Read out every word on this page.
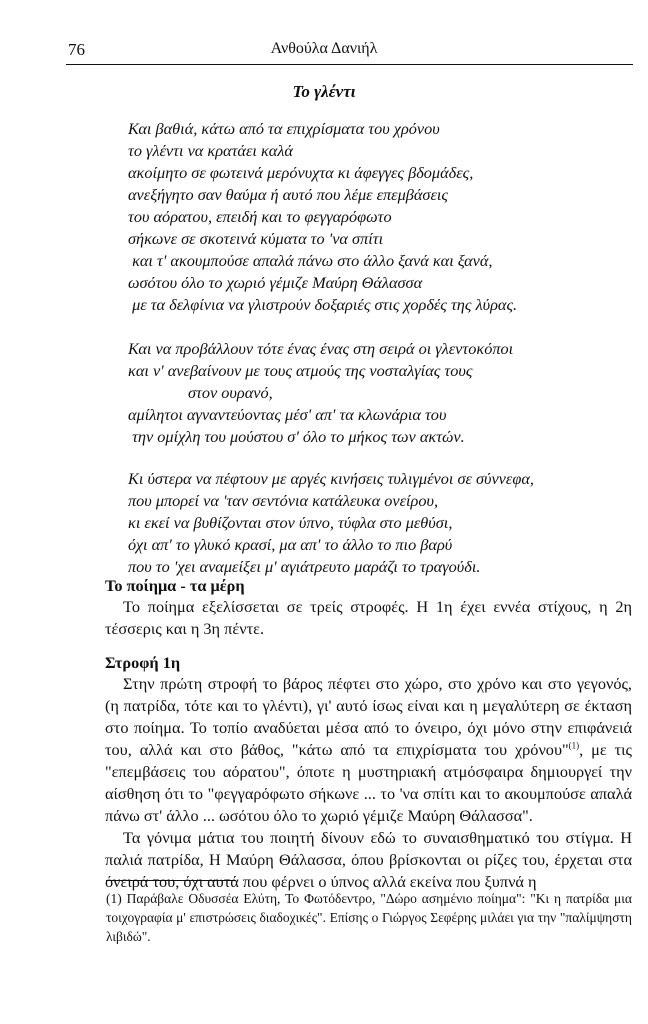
76	Ανθούλα Δανιήλ
Το γλέντι
Και βαθιά, κάτω από τα επιχρίσματα του χρόνου
το γλέντι να κρατάει καλά
ακοίμητο σε φωτεινά μερόνυχτα κι άφεγγες βδομάδες,
ανεξήγητο σαν θαύμα ή αυτό που λέμε επεμβάσεις
του αόρατου, επειδή και το φεγγαρόφωτο
σήκωνε σε σκοτεινά κύματα το 'να σπίτι
και τ' ακουμπούσε απαλά πάνω στο άλλο ξανά και ξανά,
ωσότου όλο το χωριό γέμιζε Μαύρη Θάλασσα
με τα δελφίνια να γλιστρούν δοξαριές στις χορδές της λύρας.
Και να προβάλλουν τότε ένας ένας στη σειρά οι γλεντοκόποι
και ν' ανεβαίνουν με τους ατμούς της νοσταλγίας τους
στον ουρανό,
αμίλητοι αγναντεύοντας μέσ' απ' τα κλωνάρια του
την ομίχλη του μούστου σ' όλο το μήκος των ακτών.
Κι ύστερα να πέφτουν με αργές κινήσεις τυλιγμένοι σε σύννεφα,
που μπορεί να 'ταν σεντόνια κατάλευκα ονείρου,
κι εκεί να βυθίζονται στον ύπνο, τύφλα στο μεθύσι,
όχι απ' το γλυκό κρασί, μα απ' το άλλο το πιο βαρύ
που το 'χει αναμείξει μ' αγιάτρευτο μαράζι το τραγούδι.
Το ποίημα - τα μέρη

Το ποίημα εξελίσσεται σε τρείς στροφές. Η 1η έχει εννέα στίχους, η 2η τέσσερις και η 3η πέντε.

Στροφή 1η

Στην πρώτη στροφή το βάρος πέφτει στο χώρο, στο χρόνο και στο γεγονός, (η πατρίδα, τότε και το γλέντι), γι' αυτό ίσως είναι και η μεγαλύτερη σε έκταση στο ποίημα. Το τοπίο αναδύεται μέσα από το όνειρο, όχι μόνο στην επιφάνειά του, αλλά και στο βάθος, "κάτω από τα επιχρίσματα του χρόνου"$^{(1)}$, με τις "επεμβάσεις του αόρατου", όποτε η μυστηριακή ατμόσφαιρα δημιουργεί την αίσθηση ότι το "φεγγαρόφωτο σήκωνε ... το 'να σπίτι και το ακουμπούσε απαλά πάνω στ' άλλο ... ωσότου όλο το χωριό γέμιζε Μαύρη Θάλασσα".

Τα γόνιμα μάτια του ποιητή δίνουν εδώ το συναισθηματικό του στίγμα. Η παλιά πατρίδα, Η Μαύρη Θάλασσα, όπου βρίσκονται οι ρίζες του, έρχεται στα όνειρά του, όχι αυτά που φέρνει ο ύπνος αλλά εκείνα που ξυπνά η

(1) Παράβαλε Οδυσσέα Ελύτη, Το Φωτόδεντρο, "Δώρο ασημένιο ποίημα": "Κι η πατρίδα μια τοιχογραφία μ' επιστρώσεις διαδοχικές". Επίσης ο Γιώργος Σεφέρης μιλάει για την "παλίμψηστη λιβιδώ".
